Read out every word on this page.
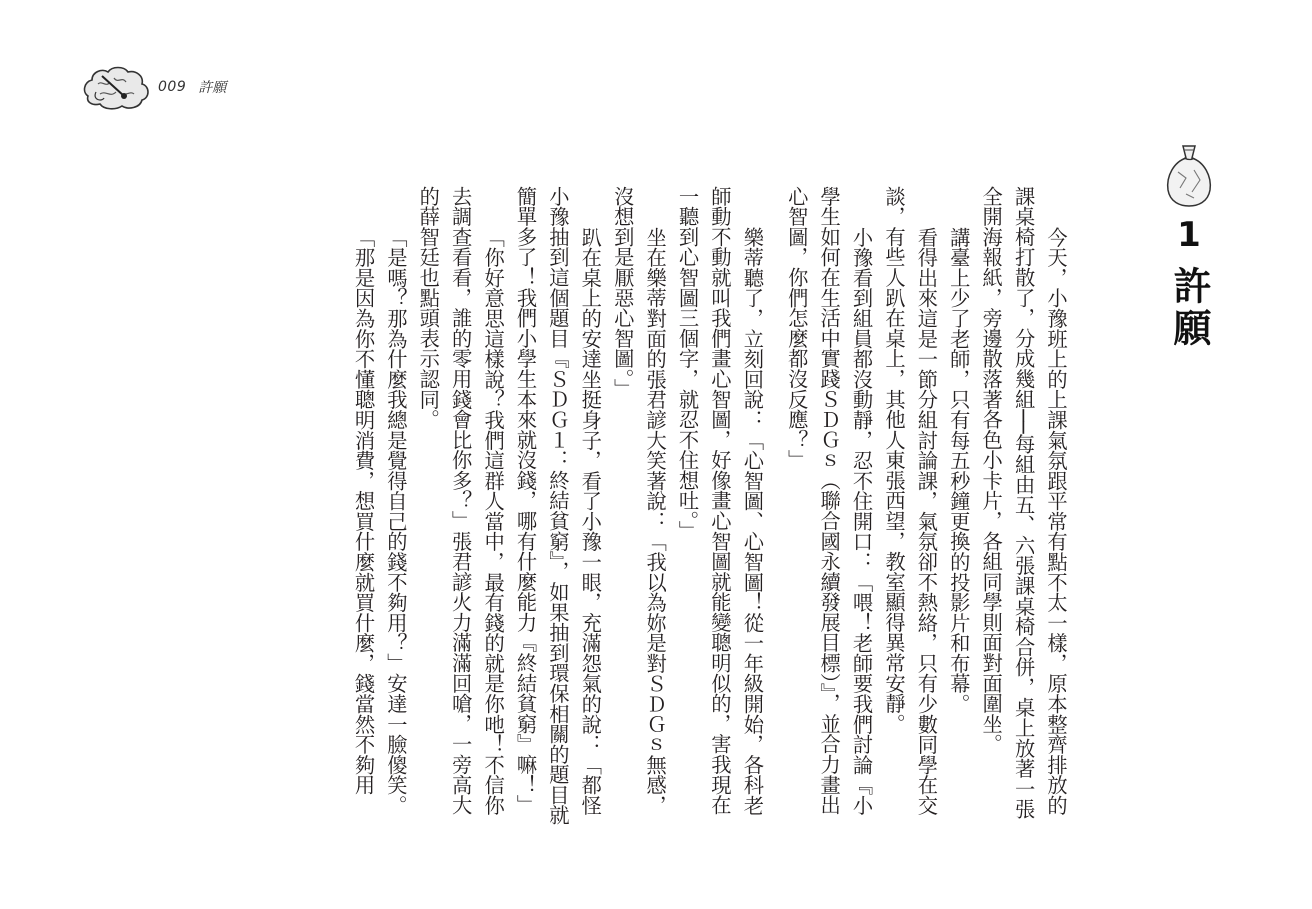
009 許願
1
許願

今天，小豫班上的上課氣氛跟平常有點不太一樣，原本整齊排放的課桌椅打散了，分成幾組──每組由五、六張課桌椅合併，桌上放著一張全開海報紙，旁邊散落著各色小卡片，各組同學則面對面圍坐。

講臺上少了老師，只有每五秒鐘更換的投影片和布幕。

看得出來這是一節分組討論課，氣氛卻不熱絡，只有少數同學在交談，有些人趴在桌上，其他人東張西望，教室顯得異常安靜。

小豫看到組員都沒動靜，忍不住開口：「喂！老師要我們討論『小學生如何在生活中實踐ＳＤＧｓ（聯合國永續發展目標）』，並合力畫出心智圖，你們怎麼都沒反應？」

樂蒂聽了，立刻回說：「心智圖、心智圖！從一年級開始，各科老師動不動就叫我們畫心智圖，好像畫心智圖就能變聰明似的，害我現在一聽到心智圖三個字，就忍不住想吐。」

坐在樂蒂對面的張君諺大笑著說：「我以為妳是對ＳＤＧｓ無感，沒想到是厭惡心智圖。」

趴在桌上的安達坐挺身子，看了小豫一眼，充滿怨氣的說：「都怪小豫抽到這個題目『ＳＤＧ１：終結貧窮』，如果抽到環保相關的題目就簡單多了！我們小學生本來就沒錢，哪有什麼能力『終結貧窮』嘛！」

「你好意思這樣說？我們這群人當中，最有錢的就是你吔！不信你去調查看看，誰的零用錢會比你多？」張君諺火力滿滿回嗆，一旁高大的薛智廷也點頭表示認同。

「是嗎？那為什麼我總是覺得自己的錢不夠用？」安達一臉傻笑。

「那是因為你不懂聰明消費，想買什麼就買什麼，錢當然不夠用
